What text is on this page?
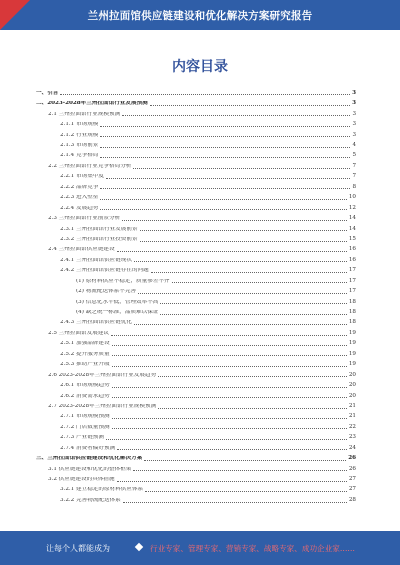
兰州拉面馆供应链建设和优化解决方案研究报告
内容目录
一、引言	3
二、2023-2028年兰州拉面馆行业发展预测	3
2.1 兰州拉面馆行业规模预测	3
2.1.1 市场规模	3
2.1.2 行业规模	3
2.1.3 市场前景	4
2.1.4 竞争格局	5
2.2 兰州拉面馆行业竞争格局分析	7
2.2.1 市场集中度	7
2.2.2 品牌竞争	8
2.2.3 进入壁垒	10
2.2.4 发展趋势	12
2.3 兰州拉面馆行业前景分析	14
2.3.1 兰州拉面馆行业发展前景	14
2.3.2 兰州拉面馆行业投资前景	15
2.4 兰州拉面馆供应链建设	16
2.4.1 兰州拉面馆供应链现状	16
2.4.2 兰州拉面馆供应链存在的问题	17
(1) 原材料供应不稳定，质量参差不齐	17
(2) 物流配送体系不完善	17
(3) 信息化水平低，管理效率不高	18
(4) 缺乏统一标准，品质难以保证	18
2.4.3 兰州拉面馆供应链优化	18
2.5 兰州拉面馆发展建议	19
2.5.1 加强品牌建设	19
2.5.2 提升服务质量	19
2.5.3 推动产业升级	19
2.6 2023-2028年兰州拉面馆行业发展趋势	20
2.6.1 市场规模趋势	20
2.6.2 消费需求趋势	20
2.7 2023-2028年兰州拉面馆行业规模预测	21
2.7.1 市场规模预测	21
2.7.2 门店数量预测	22
2.7.3 产业链预测	23
2.7.4 消费者偏好预测	24
三、兰州拉面馆供应链建设和优化解决方案	26
3.1 供应链建设和优化的整体框架	26
3.2 供应链建设的具体措施	27
3.2.1 建立稳定的原材料供应体系	27
3.2.2 完善物流配送体系	28
让每个人都能成为	行业专家、管理专家、营销专家、战略专家、成功企业家……
